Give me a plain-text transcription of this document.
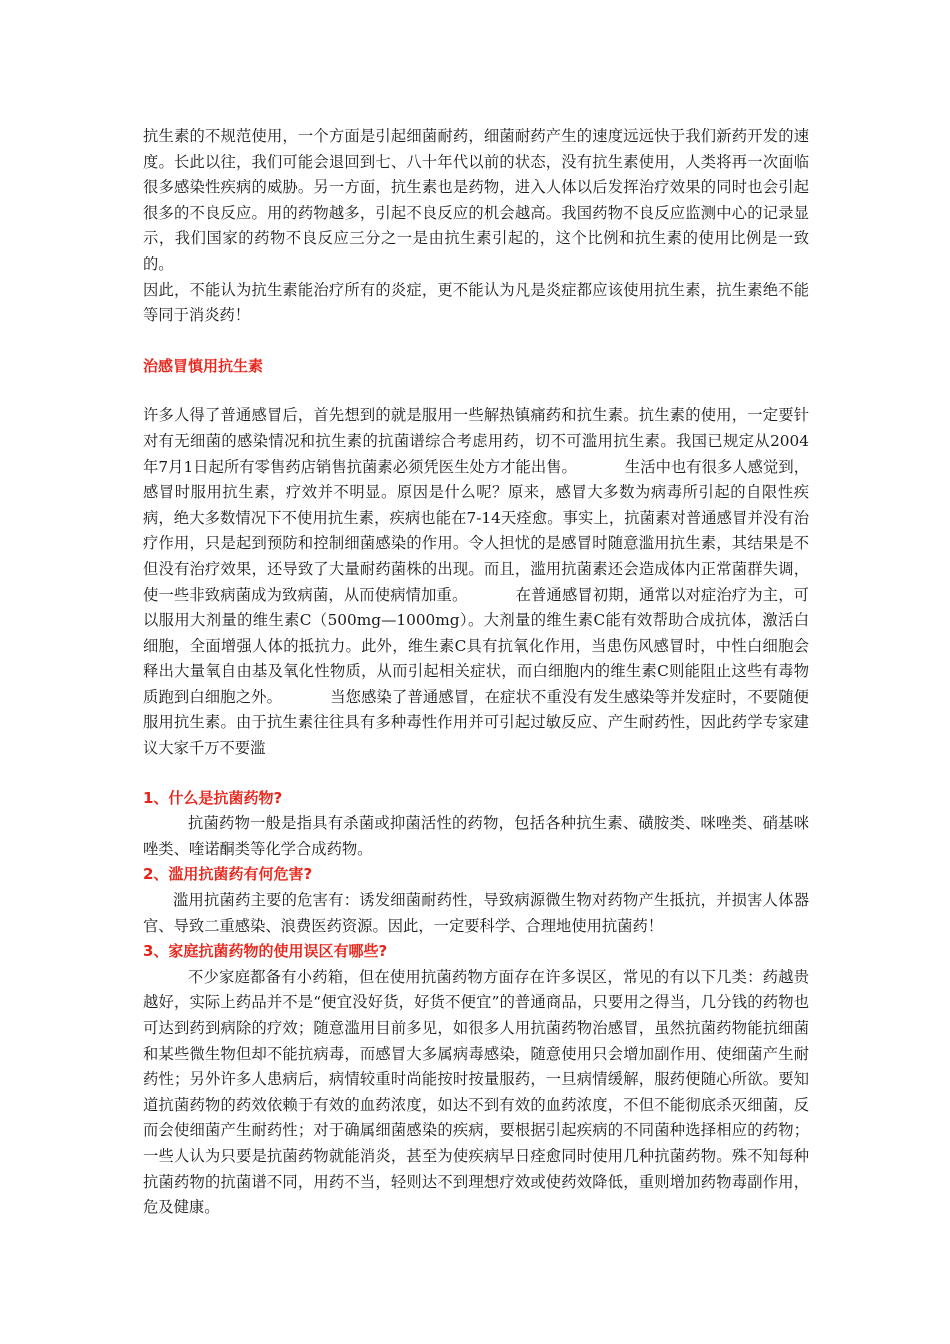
抗生素的不规范使用，一个方面是引起细菌耐药，细菌耐药产生的速度远远快于我们新药开发的速度。长此以往，我们可能会退回到七、八十年代以前的状态，没有抗生素使用，人类将再一次面临很多感染性疾病的威胁。另一方面，抗生素也是药物，进入人体以后发挥治疗效果的同时也会引起很多的不良反应。用的药物越多，引起不良反应的机会越高。我国药物不良反应监测中心的记录显示，我们国家的药物不良反应三分之一是由抗生素引起的，这个比例和抗生素的使用比例是一致的。

因此，不能认为抗生素能治疗所有的炎症，更不能认为凡是炎症都应该使用抗生素，抗生素绝不能等同于消炎药！

治感冒慎用抗生素

许多人得了普通感冒后，首先想到的就是服用一些解热镇痛药和抗生素。抗生素的使用，一定要针对有无细菌的感染情况和抗生素的抗菌谱综合考虑用药，切不可滥用抗生素。我国已规定从2004年7月1日起所有零售药店销售抗菌素必须凭医生处方才能出售。	生活中也有很多人感觉到，感冒时服用抗生素，疗效并不明显。原因是什么呢？原来，感冒大多数为病毒所引起的自限性疾病，绝大多数情况下不使用抗生素，疾病也能在7-14天痊愈。事实上，抗菌素对普通感冒并没有治疗作用，只是起到预防和控制细菌感染的作用。令人担忧的是感冒时随意滥用抗生素，其结果是不但没有治疗效果，还导致了大量耐药菌株的出现。而且，滥用抗菌素还会造成体内正常菌群失调，使一些非致病菌成为致病菌，从而使病情加重。	在普通感冒初期，通常以对症治疗为主，可以服用大剂量的维生素C（500mg—1000mg）。大剂量的维生素C能有效帮助合成抗体，激活白细胞，全面增强人体的抵抗力。此外，维生素C具有抗氧化作用，当患伤风感冒时，中性白细胞会释出大量氧自由基及氧化性物质，从而引起相关症状，而白细胞内的维生素C则能阻止这些有毒物质跑到白细胞之外。	当您感染了普通感冒，在症状不重没有发生感染等并发症时，不要随便服用抗生素。由于抗生素往往具有多种毒性作用并可引起过敏反应、产生耐药性，因此药学专家建议大家千万不要滥

1、什么是抗菌药物?

抗菌药物一般是指具有杀菌或抑菌活性的药物，包括各种抗生素、磺胺类、咪唑类、硝基咪唑类、喹诺酮类等化学合成药物。

2、滥用抗菌药有何危害?

滥用抗菌药主要的危害有：诱发细菌耐药性，导致病源微生物对药物产生抵抗，并损害人体器官、导致二重感染、浪费医药资源。因此，一定要科学、合理地使用抗菌药！

3、家庭抗菌药物的使用误区有哪些?

不少家庭都备有小药箱，但在使用抗菌药物方面存在许多误区，常见的有以下几类：药越贵越好，实际上药品并不是“便宜没好货，好货不便宜”的普通商品，只要用之得当，几分钱的药物也可达到药到病除的疗效；随意滥用目前多见，如很多人用抗菌药物治感冒，虽然抗菌药物能抗细菌和某些微生物但却不能抗病毒，而感冒大多属病毒感染，随意使用只会增加副作用、使细菌产生耐药性；另外许多人患病后，病情较重时尚能按时按量服药，一旦病情缓解，服药便随心所欲。要知道抗菌药物的药效依赖于有效的血药浓度，如达不到有效的血药浓度，不但不能彻底杀灭细菌，反而会使细菌产生耐药性；对于确属细菌感染的疾病，要根据引起疾病的不同菌种选择相应的药物；一些人认为只要是抗菌药物就能消炎，甚至为使疾病早日痊愈同时使用几种抗菌药物。殊不知每种抗菌药物的抗菌谱不同，用药不当，轻则达不到理想疗效或使药效降低，重则增加药物毒副作用，危及健康。
